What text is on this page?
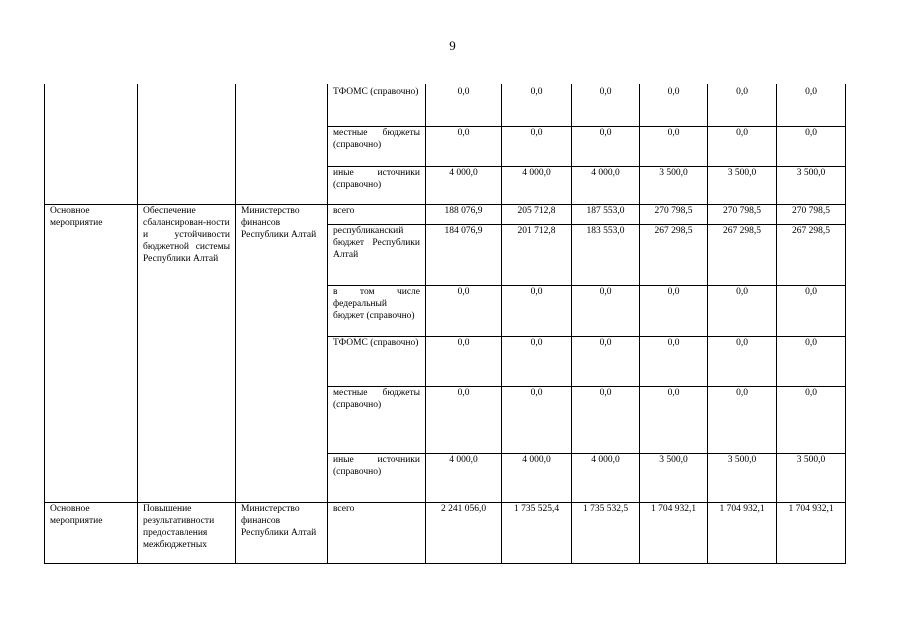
9
			ТФОМС (справочно)	0,0	0,0	0,0	0,0	0,0	0,0
			местные бюджеты (справочно)	0,0	0,0	0,0	0,0	0,0	0,0
			иные источники (справочно)	4 000,0	4 000,0	4 000,0	3 500,0	3 500,0	3 500,0
Основное мероприятие	Обеспечение сбалансирован-ности и устойчивости бюджетной системы Республики Алтай	Министерство финансов Республики Алтай	всего	188 076,9	205 712,8	187 553,0	270 798,5	270 798,5	270 798,5
			республиканский бюджет Республики Алтай	184 076,9	201 712,8	183 553,0	267 298,5	267 298,5	267 298,5
			в том числе федеральный бюджет (справочно)	0,0	0,0	0,0	0,0	0,0	0,0
			ТФОМС (справочно)	0,0	0,0	0,0	0,0	0,0	0,0
			местные бюджеты (справочно)	0,0	0,0	0,0	0,0	0,0	0,0
			иные источники (справочно)	4 000,0	4 000,0	4 000,0	3 500,0	3 500,0	3 500,0
Основное мероприятие	Повышение результативности предоставления межбюджетных	Министерство финансов Республики Алтай	всего	2 241 056,0	1 735 525,4	1 735 532,5	1 704 932,1	1 704 932,1	1 704 932,1
